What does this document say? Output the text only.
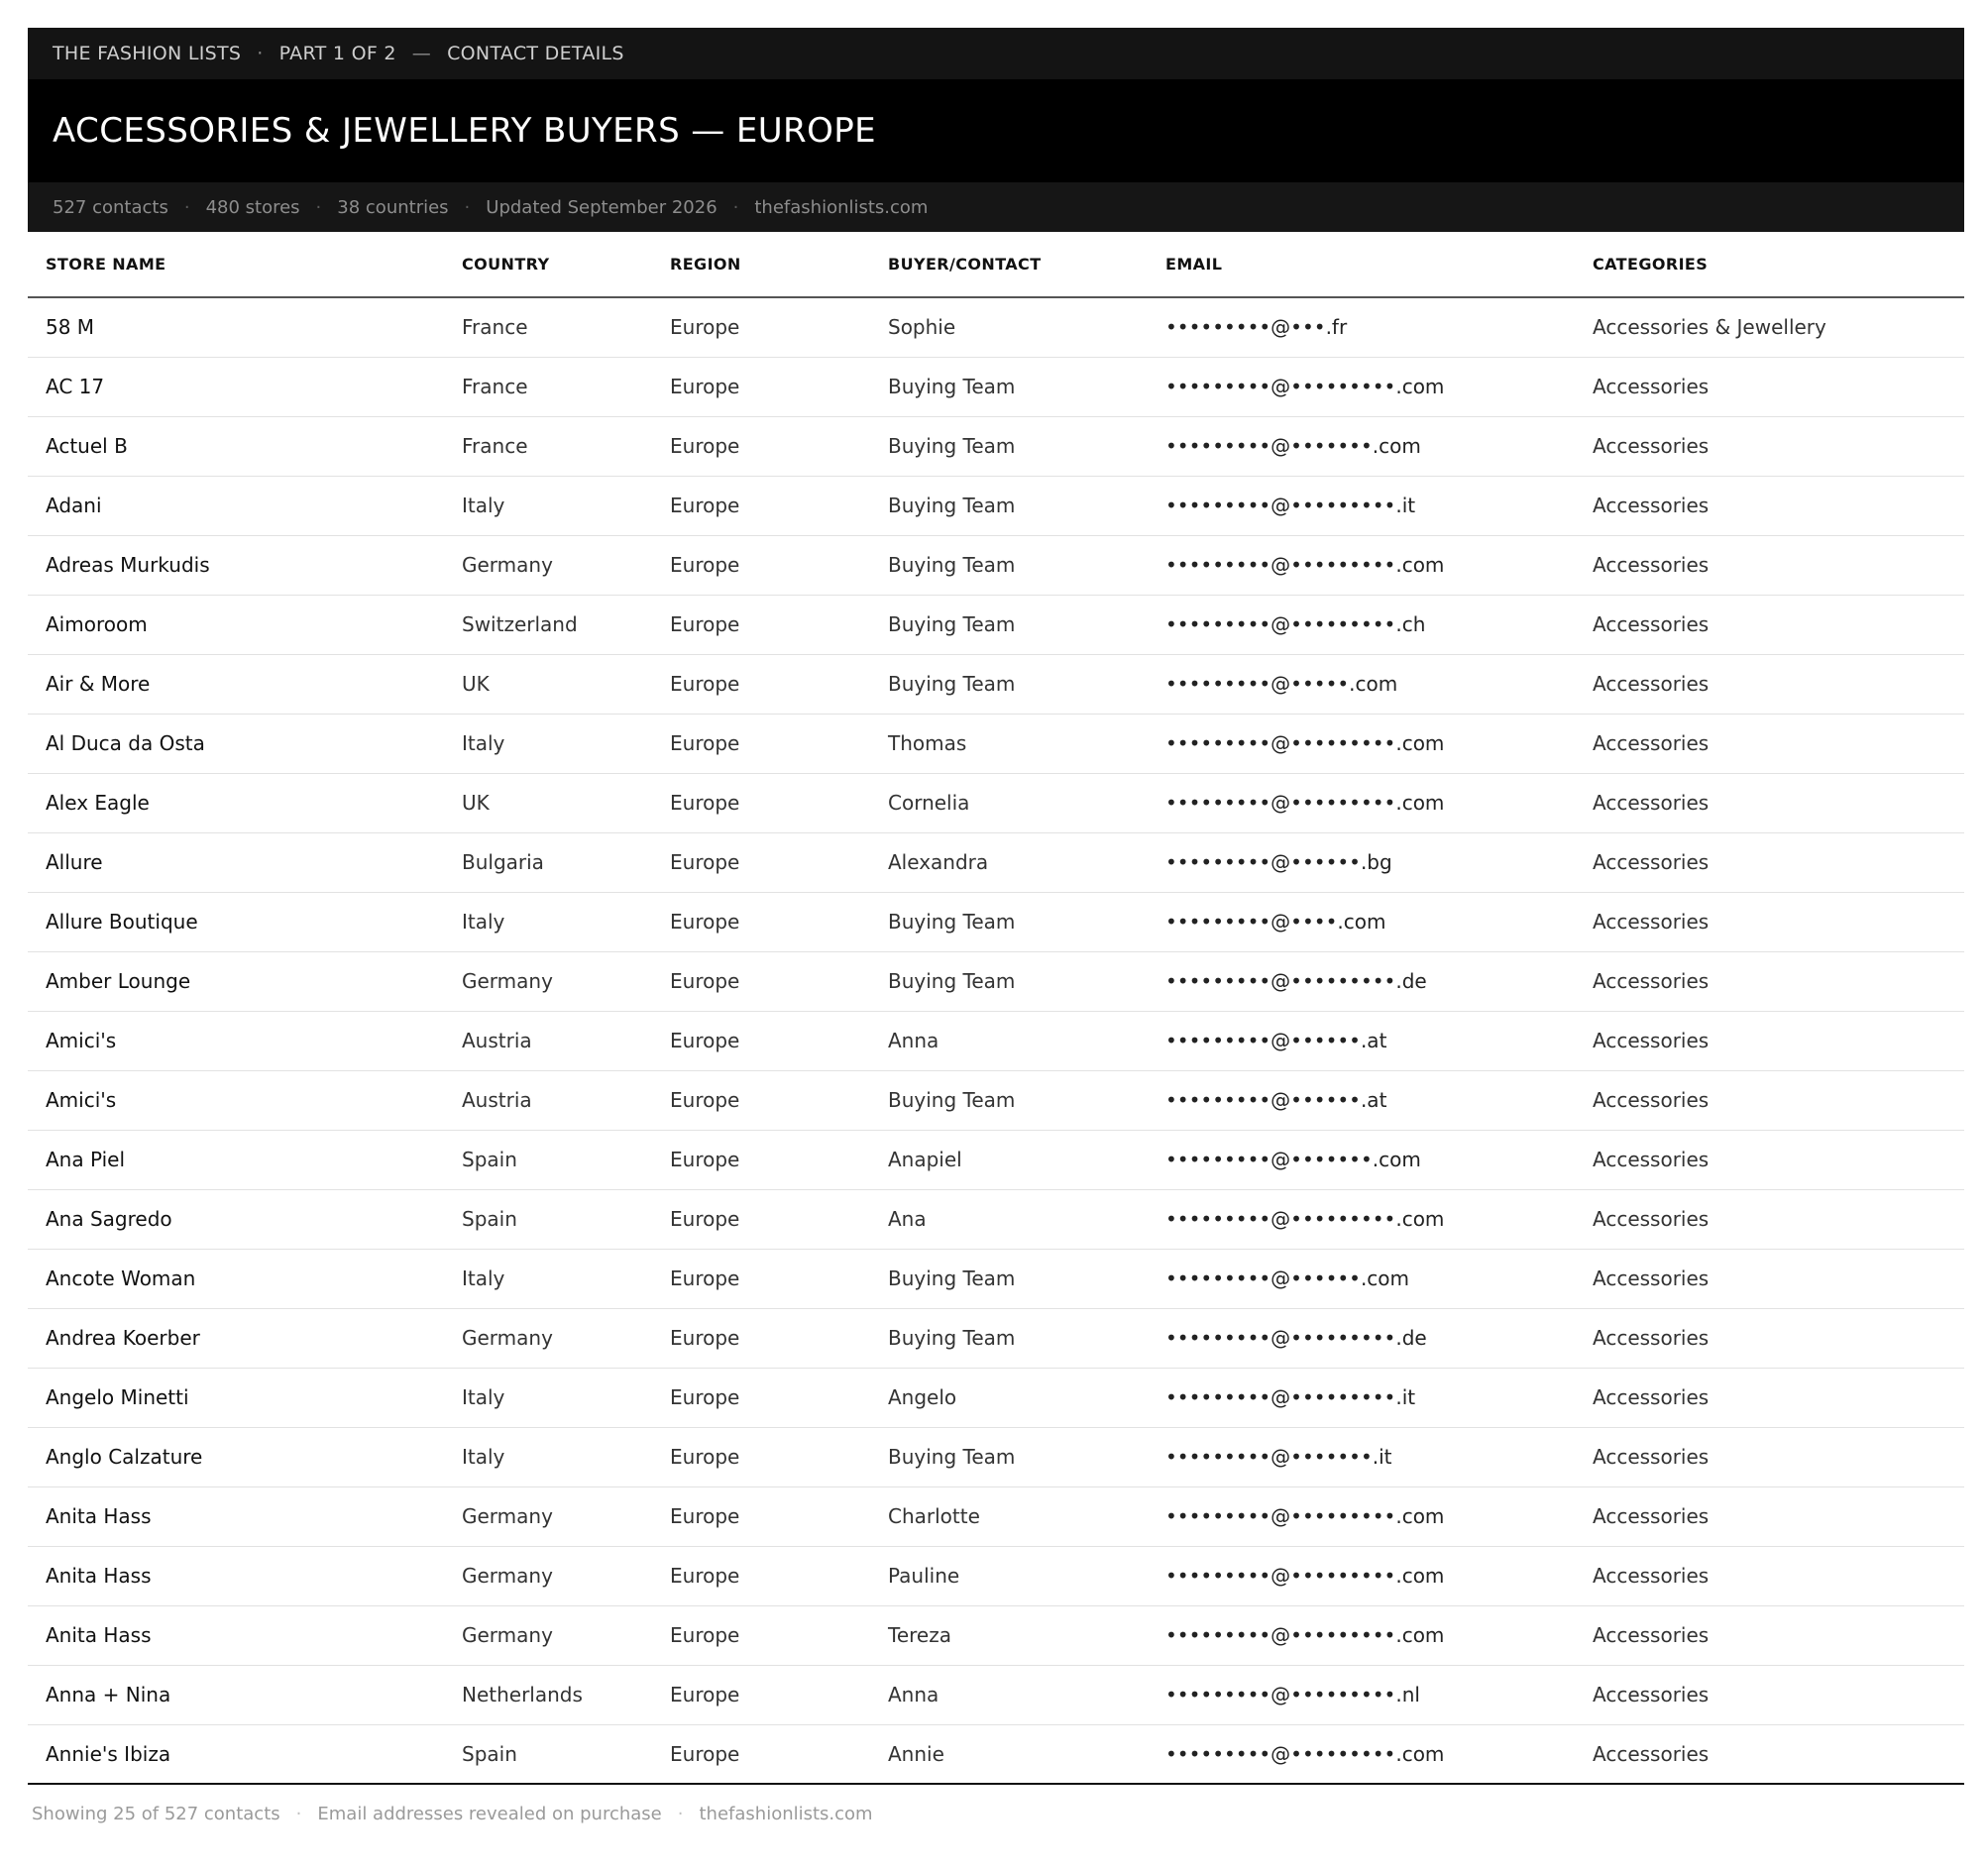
THE FASHION LISTS · PART 1 OF 2 — CONTACT DETAILS
ACCESSORIES & JEWELLERY BUYERS — EUROPE
527 contacts · 480 stores · 38 countries · Updated September 2026 · thefashionlists.com
STORE NAME	COUNTRY	REGION	BUYER/CONTACT	EMAIL	CATEGORIES
58 M	France	Europe	Sophie	•••••••••@•••.fr	Accessories & Jewellery
AC 17	France	Europe	Buying Team	•••••••••@•••••••••.com	Accessories
Actuel B	France	Europe	Buying Team	•••••••••@•••••••.com	Accessories
Adani	Italy	Europe	Buying Team	•••••••••@•••••••••.it	Accessories
Adreas Murkudis	Germany	Europe	Buying Team	•••••••••@•••••••••.com	Accessories
Aimoroom	Switzerland	Europe	Buying Team	•••••••••@•••••••••.ch	Accessories
Air & More	UK	Europe	Buying Team	•••••••••@•••••.com	Accessories
Al Duca da Osta	Italy	Europe	Thomas	•••••••••@•••••••••.com	Accessories
Alex Eagle	UK	Europe	Cornelia	•••••••••@•••••••••.com	Accessories
Allure	Bulgaria	Europe	Alexandra	•••••••••@••••••.bg	Accessories
Allure Boutique	Italy	Europe	Buying Team	•••••••••@••••.com	Accessories
Amber Lounge	Germany	Europe	Buying Team	•••••••••@•••••••••.de	Accessories
Amici's	Austria	Europe	Anna	•••••••••@••••••.at	Accessories
Amici's	Austria	Europe	Buying Team	•••••••••@••••••.at	Accessories
Ana Piel	Spain	Europe	Anapiel	•••••••••@•••••••.com	Accessories
Ana Sagredo	Spain	Europe	Ana	•••••••••@•••••••••.com	Accessories
Ancote Woman	Italy	Europe	Buying Team	•••••••••@••••••.com	Accessories
Andrea Koerber	Germany	Europe	Buying Team	•••••••••@•••••••••.de	Accessories
Angelo Minetti	Italy	Europe	Angelo	•••••••••@•••••••••.it	Accessories
Anglo Calzature	Italy	Europe	Buying Team	•••••••••@•••••••.it	Accessories
Anita Hass	Germany	Europe	Charlotte	•••••••••@•••••••••.com	Accessories
Anita Hass	Germany	Europe	Pauline	•••••••••@•••••••••.com	Accessories
Anita Hass	Germany	Europe	Tereza	•••••••••@•••••••••.com	Accessories
Anna + Nina	Netherlands	Europe	Anna	•••••••••@•••••••••.nl	Accessories
Annie's Ibiza	Spain	Europe	Annie	•••••••••@•••••••••.com	Accessories
Showing 25 of 527 contacts · Email addresses revealed on purchase · thefashionlists.com
